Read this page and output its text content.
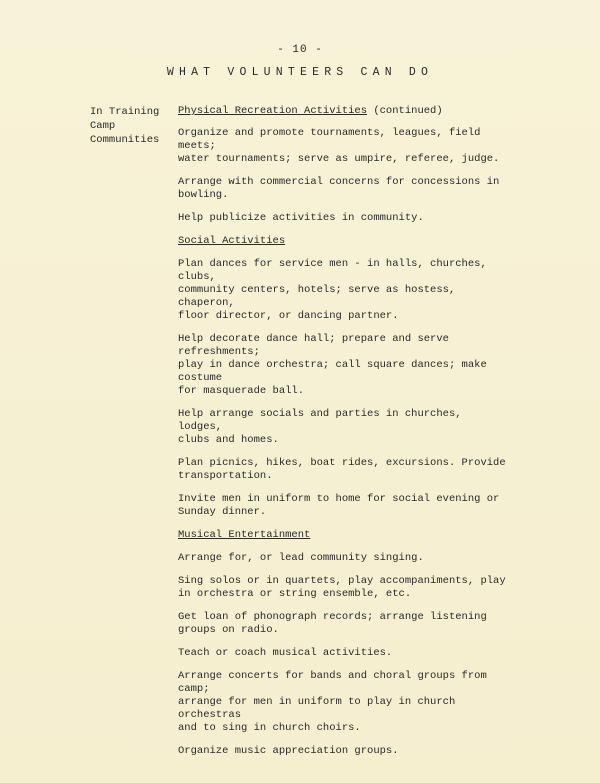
- 10 -
WHAT VOLUNTEERS CAN DO
In Training
Camp
Communities
Physical Recreation Activities (continued)

Organize and promote tournaments, leagues, field meets;
water tournaments; serve as umpire, referee, judge.

Arrange with commercial concerns for concessions in
bowling.

Help publicize activities in community.

Social Activities

Plan dances for service men - in halls, churches, clubs,
community centers, hotels; serve as hostess, chaperon,
floor director, or dancing partner.

Help decorate dance hall; prepare and serve refreshments;
play in dance orchestra; call square dances; make costume
for masquerade ball.

Help arrange socials and parties in churches, lodges,
clubs and homes.

Plan picnics, hikes, boat rides, excursions. Provide
transportation.

Invite men in uniform to home for social evening or
Sunday dinner.

Musical Entertainment

Arrange for, or lead community singing.

Sing solos or in quartets, play accompaniments, play
in orchestra or string ensemble, etc.

Get loan of phonograph records; arrange listening
groups on radio.

Teach or coach musical activities.

Arrange concerts for bands and choral groups from camp;
arrange for men in uniform to play in church orchestras
and to sing in church choirs.

Organize music appreciation groups.
